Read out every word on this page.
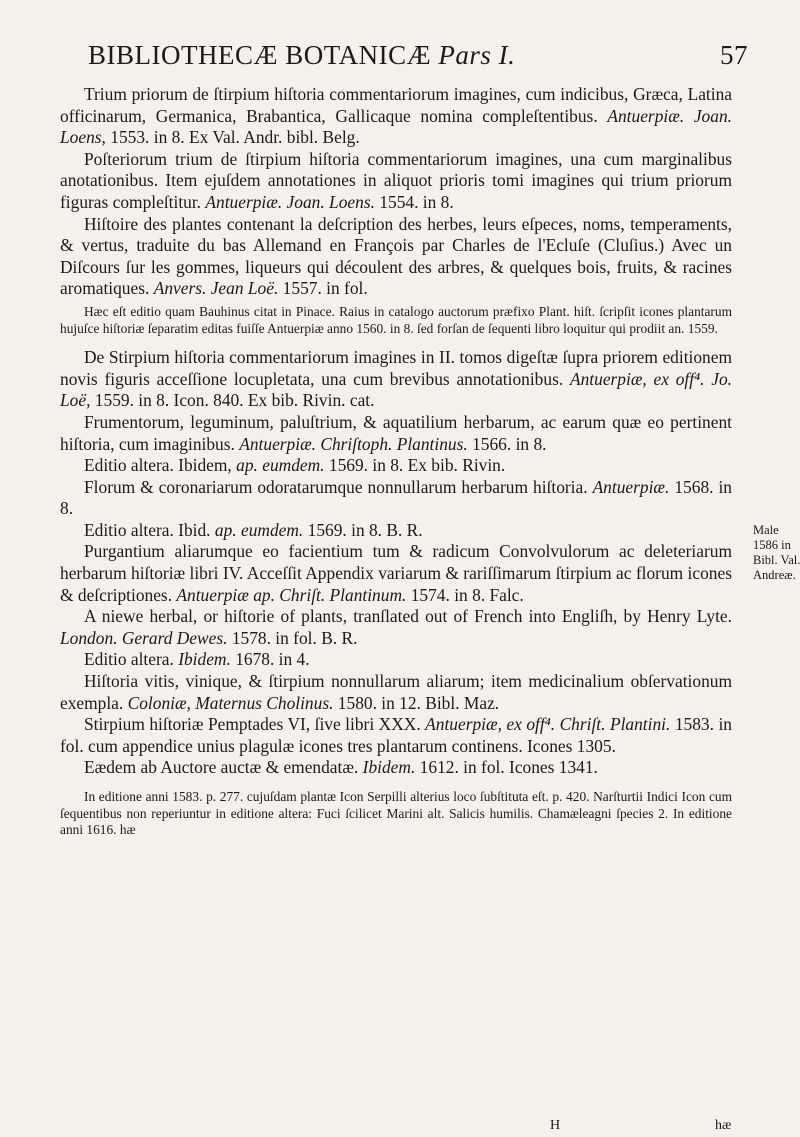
BIBLIOTHECÆ BOTANICÆ Pars I.	57

Trium priorum de ſtirpium hiſtoria commentariorum imagines, cum indicibus, Græca, Latina officinarum, Germanica, Brabantica, Gallicaque nomina compleſtentibus. Antuerpiæ. Joan. Loens, 1553. in 8. Ex Val. Andr. bibl. Belg.

Poſteriorum trium de ſtirpium hiſtoria commentariorum imagines, una cum marginalibus anotationibus. Item ejuſdem annotationes in aliquot prioris tomi imagines qui trium priorum figuras compleſtitur. Antuerpiæ. Joan. Loens. 1554. in 8.

Hiſtoire des plantes contenant la deſcription des herbes, leurs eſpeces, noms, temperaments, & vertus, traduite du bas Allemand en François par Charles de l'Ecluſe (Cluſius.) Avec un Diſcours ſur les gommes, liqueurs qui découlent des arbres, & quelques bois, fruits, & racines aromatiques. Anvers. Jean Loë. 1557. in fol.

Hæc eſt editio quam Bauhinus citat in Pinace. Raius in catalogo auctorum præfixo Plant. hiſt. ſcripſit icones plantarum hujuſce hiſtoriæ ſeparatim editas fuiſſe Antuerpiæ anno 1560. in 8. ſed forſan de ſequenti libro loquitur qui prodiit an. 1559.

De Stirpium hiſtoria commentariorum imagines in II. tomos digeſtæ ſupra priorem editionem novis figuris acceſſione locupletata, una cum brevibus annotationibus. Antuerpiæ, ex off⁴. Jo. Loë, 1559. in 8. Icon. 840. Ex bib. Rivin. cat.

Frumentorum, leguminum, paluſtrium, & aquatilium herbarum, ac earum quæ eo pertinent hiſtoria, cum imaginibus. Antuerpiæ. Chriſtoph. Plantinus. 1566. in 8.

Editio altera. Ibidem, ap. eumdem. 1569. in 8. Ex bib. Rivin.

Florum & coronariarum odoratarumque nonnullarum herbarum hiſtoria. Antuerpiæ. 1568. in 8.

Editio altera. Ibid. ap. eumdem. 1569. in 8. B. R.

Purgantium aliarumque eo facientium tum & radicum Convolvulorum ac deleteriarum herbarum hiſtoriæ libri IV. Acceſſit Appendix variarum & rariſſimarum ſtirpium ac florum icones & deſcriptiones. Antuerpiæ ap. Chriſt. Plantinum. 1574. in 8. Falc.

A niewe herbal, or hiſtorie of plants, tranſlated out of French into Engliſh, by Henry Lyte. London. Gerard Dewes. 1578. in fol. B. R.

Editio altera. Ibidem. 1678. in 4.

Hiſtoria vitis, vinique, & ſtirpium nonnullarum aliarum; item medicinalium obſervationum exempla. Coloniæ, Maternus Cholinus. 1580. in 12. Bibl. Maz.

Stirpium hiſtoriæ Pemptades VI, ſive libri XXX. Antuerpiæ, ex off⁴. Chriſt. Plantini. 1583. in fol. cum appendice unius plagulæ icones tres plantarum continens. Icones 1305.

Eædem ab Auctore auctæ & emendatæ. Ibidem. 1612. in fol. Icones 1341.

In editione anni 1583. p. 277. cujuſdam plantæ Icon Serpilli alterius loco ſubſtituta eſt. p. 420. Narſturtii Indici Icon cum ſequentibus non reperiuntur in editione altera: Fuci ſcilicet Marini alt. Salicis humilis. Chamæleagni ſpecies 2. In editione anni 1616. hæ

Male
1586 in
Bibl. Val.
Andreæ.
H	hæ
